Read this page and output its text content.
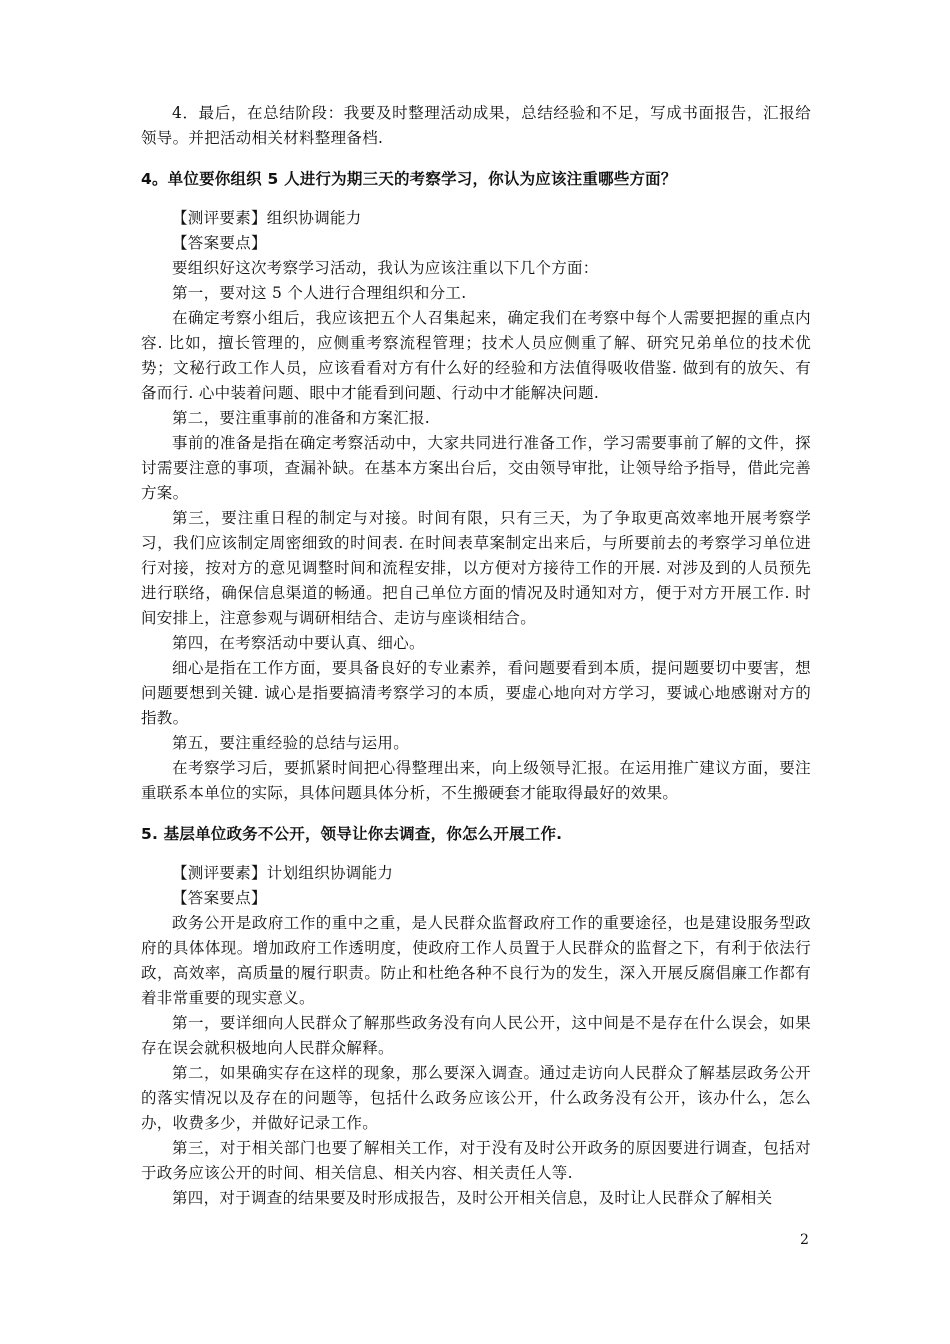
4．最后，在总结阶段：我要及时整理活动成果，总结经验和不足，写成书面报告，汇报给领导。并把活动相关材料整理备档.

4。单位要你组织 5 人进行为期三天的考察学习，你认为应该注重哪些方面？

【测评要素】组织协调能力

【答案要点】

要组织好这次考察学习活动，我认为应该注重以下几个方面：

第一，要对这 5 个人进行合理组织和分工.

在确定考察小组后，我应该把五个人召集起来，确定我们在考察中每个人需要把握的重点内容. 比如，擅长管理的，应侧重考察流程管理；技术人员应侧重了解、研究兄弟单位的技术优势；文秘行政工作人员，应该看看对方有什么好的经验和方法值得吸收借鉴. 做到有的放矢、有备而行. 心中装着问题、眼中才能看到问题、行动中才能解决问题.

第二，要注重事前的准备和方案汇报.

事前的准备是指在确定考察活动中，大家共同进行准备工作，学习需要事前了解的文件，探讨需要注意的事项，查漏补缺。在基本方案出台后，交由领导审批，让领导给予指导，借此完善方案。

第三，要注重日程的制定与对接。时间有限，只有三天，为了争取更高效率地开展考察学习，我们应该制定周密细致的时间表. 在时间表草案制定出来后，与所要前去的考察学习单位进行对接，按对方的意见调整时间和流程安排，以方便对方接待工作的开展. 对涉及到的人员预先进行联络，确保信息渠道的畅通。把自己单位方面的情况及时通知对方，便于对方开展工作. 时间安排上，注意参观与调研相结合、走访与座谈相结合。

第四，在考察活动中要认真、细心。

细心是指在工作方面，要具备良好的专业素养，看问题要看到本质，提问题要切中要害，想问题要想到关键. 诚心是指要搞清考察学习的本质，要虚心地向对方学习，要诚心地感谢对方的指教。

第五，要注重经验的总结与运用。

在考察学习后，要抓紧时间把心得整理出来，向上级领导汇报。在运用推广建议方面，要注重联系本单位的实际，具体问题具体分析，不生搬硬套才能取得最好的效果。

5. 基层单位政务不公开，领导让你去调查，你怎么开展工作.

【测评要素】计划组织协调能力

【答案要点】

政务公开是政府工作的重中之重，是人民群众监督政府工作的重要途径，也是建设服务型政府的具体体现。增加政府工作透明度，使政府工作人员置于人民群众的监督之下，有利于依法行政，高效率，高质量的履行职责。防止和杜绝各种不良行为的发生，深入开展反腐倡廉工作都有着非常重要的现实意义。

第一，要详细向人民群众了解那些政务没有向人民公开，这中间是不是存在什么误会，如果存在误会就积极地向人民群众解释。

第二，如果确实存在这样的现象，那么要深入调查。通过走访向人民群众了解基层政务公开的落实情况以及存在的问题等，包括什么政务应该公开，什么政务没有公开，该办什么，怎么办，收费多少，并做好记录工作。

第三，对于相关部门也要了解相关工作，对于没有及时公开政务的原因要进行调查，包括对于政务应该公开的时间、相关信息、相关内容、相关责任人等.

第四，对于调查的结果要及时形成报告，及时公开相关信息，及时让人民群众了解相关

2
